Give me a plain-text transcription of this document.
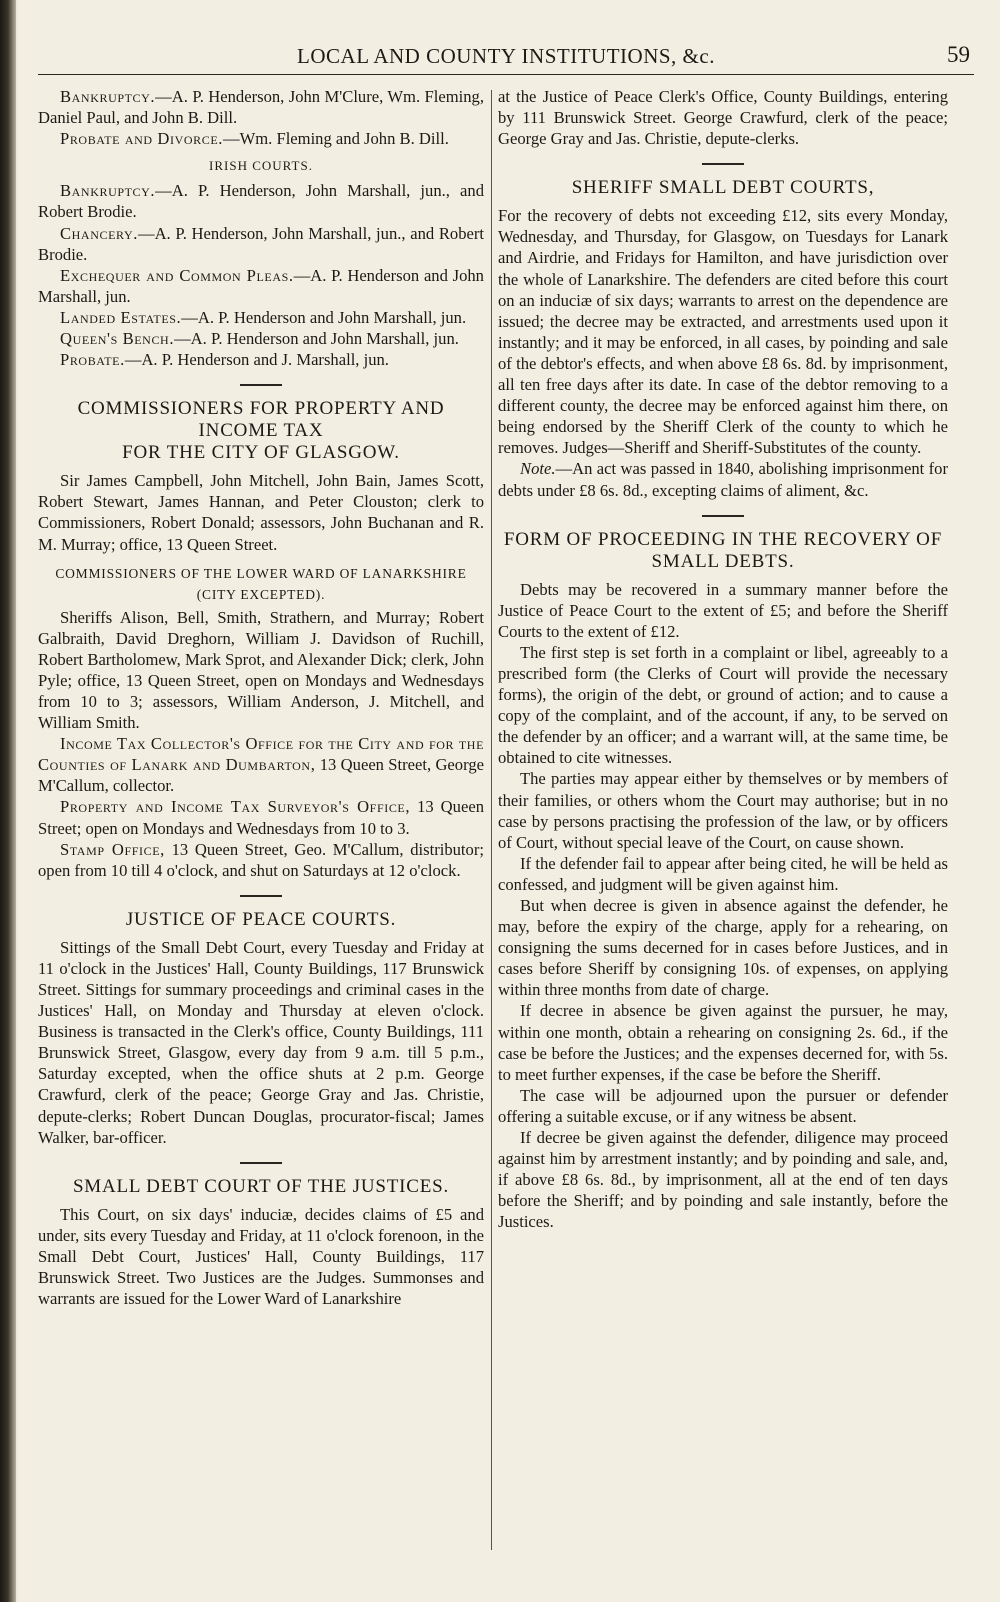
LOCAL AND COUNTY INSTITUTIONS, &c.	59

Bankruptcy.—A. P. Henderson, John M'Clure, Wm. Fleming, Daniel Paul, and John B. Dill.

Probate and Divorce.—Wm. Fleming and John B. Dill.

IRISH COURTS.

Bankruptcy.—A. P. Henderson, John Marshall, jun., and Robert Brodie.

Chancery.—A. P. Henderson, John Marshall, jun., and Robert Brodie.

Exchequer and Common Pleas.—A. P. Henderson and John Marshall, jun.

Landed Estates.—A. P. Henderson and John Marshall, jun.

Queen's Bench.—A. P. Henderson and John Marshall, jun.

Probate.—A. P. Henderson and J. Marshall, jun.

COMMISSIONERS FOR PROPERTY AND INCOME TAX
FOR THE CITY OF GLASGOW.

Sir James Campbell, John Mitchell, John Bain, James Scott, Robert Stewart, James Hannan, and Peter Clouston; clerk to Commissioners, Robert Donald; assessors, John Buchanan and R. M. Murray; office, 13 Queen Street.

COMMISSIONERS OF THE LOWER WARD OF LANARKSHIRE (CITY EXCEPTED).

Sheriffs Alison, Bell, Smith, Strathern, and Murray; Robert Galbraith, David Dreghorn, William J. Davidson of Ruchill, Robert Bartholomew, Mark Sprot, and Alexander Dick; clerk, John Pyle; office, 13 Queen Street, open on Mondays and Wednesdays from 10 to 3; assessors, William Anderson, J. Mitchell, and William Smith.

Income Tax Collector's Office for the City and for the Counties of Lanark and Dumbarton, 13 Queen Street, George M'Callum, collector.

Property and Income Tax Surveyor's Office, 13 Queen Street; open on Mondays and Wednesdays from 10 to 3.

Stamp Office, 13 Queen Street, Geo. M'Callum, distributor; open from 10 till 4 o'clock, and shut on Saturdays at 12 o'clock.

JUSTICE OF PEACE COURTS.

Sittings of the Small Debt Court, every Tuesday and Friday at 11 o'clock in the Justices' Hall, County Buildings, 117 Brunswick Street. Sittings for summary proceedings and criminal cases in the Justices' Hall, on Monday and Thursday at eleven o'clock. Business is transacted in the Clerk's office, County Buildings, 111 Brunswick Street, Glasgow, every day from 9 a.m. till 5 p.m., Saturday excepted, when the office shuts at 2 p.m. George Crawfurd, clerk of the peace; George Gray and Jas. Christie, depute-clerks; Robert Duncan Douglas, procurator-fiscal; James Walker, bar-officer.

SMALL DEBT COURT OF THE JUSTICES.

This Court, on six days' induciæ, decides claims of £5 and under, sits every Tuesday and Friday, at 11 o'clock forenoon, in the Small Debt Court, Justices' Hall, County Buildings, 117 Brunswick Street. Two Justices are the Judges. Summonses and warrants are issued for the Lower Ward of Lanarkshire

at the Justice of Peace Clerk's Office, County Buildings, entering by 111 Brunswick Street. George Crawfurd, clerk of the peace; George Gray and Jas. Christie, depute-clerks.

SHERIFF SMALL DEBT COURTS,

For the recovery of debts not exceeding £12, sits every Monday, Wednesday, and Thursday, for Glasgow, on Tuesdays for Lanark and Airdrie, and Fridays for Hamilton, and have jurisdiction over the whole of Lanarkshire. The defenders are cited before this court on an induciæ of six days; warrants to arrest on the dependence are issued; the decree may be extracted, and arrestments used upon it instantly; and it may be enforced, in all cases, by poinding and sale of the debtor's effects, and when above £8 6s. 8d. by imprisonment, all ten free days after its date. In case of the debtor removing to a different county, the decree may be enforced against him there, on being endorsed by the Sheriff Clerk of the county to which he removes. Judges—Sheriff and Sheriff-Substitutes of the county.

Note.—An act was passed in 1840, abolishing imprisonment for debts under £8 6s. 8d., excepting claims of aliment, &c.

FORM OF PROCEEDING IN THE RECOVERY OF SMALL DEBTS.

Debts may be recovered in a summary manner before the Justice of Peace Court to the extent of £5; and before the Sheriff Courts to the extent of £12.

The first step is set forth in a complaint or libel, agreeably to a prescribed form (the Clerks of Court will provide the necessary forms), the origin of the debt, or ground of action; and to cause a copy of the complaint, and of the account, if any, to be served on the defender by an officer; and a warrant will, at the same time, be obtained to cite witnesses.

The parties may appear either by themselves or by members of their families, or others whom the Court may authorise; but in no case by persons practising the profession of the law, or by officers of Court, without special leave of the Court, on cause shown.

If the defender fail to appear after being cited, he will be held as confessed, and judgment will be given against him.

But when decree is given in absence against the defender, he may, before the expiry of the charge, apply for a rehearing, on consigning the sums decerned for in cases before Justices, and in cases before Sheriff by consigning 10s. of expenses, on applying within three months from date of charge.

If decree in absence be given against the pursuer, he may, within one month, obtain a rehearing on consigning 2s. 6d., if the case be before the Justices; and the expenses decerned for, with 5s. to meet further expenses, if the case be before the Sheriff.

The case will be adjourned upon the pursuer or defender offering a suitable excuse, or if any witness be absent.

If decree be given against the defender, diligence may proceed against him by arrestment instantly; and by poinding and sale, and, if above £8 6s. 8d., by imprisonment, all at the end of ten days before the Sheriff; and by poinding and sale instantly, before the Justices.
